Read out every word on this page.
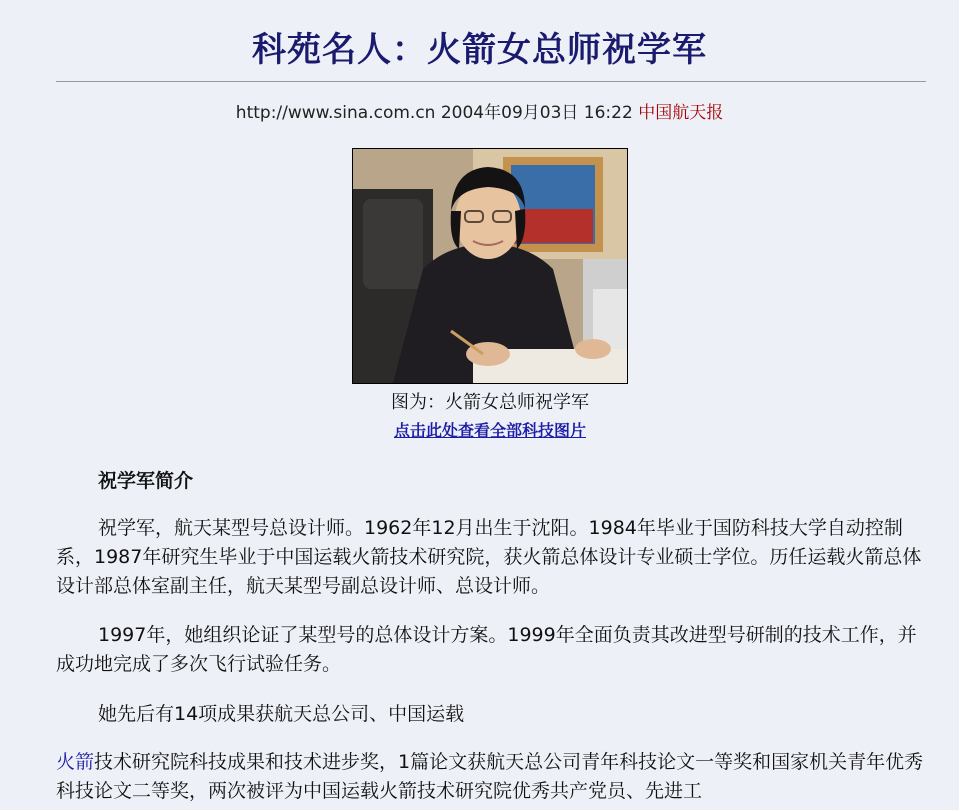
科苑名人：火箭女总师祝学军
http://www.sina.com.cn 2004年09月03日 16:22 中国航天报
图为：火箭女总师祝学军
点击此处查看全部科技图片
祝学军简介

祝学军，航天某型号总设计师。1962年12月出生于沈阳。1984年毕业于国防科技大学自动控制系，1987年研究生毕业于中国运载火箭技术研究院，获火箭总体设计专业硕士学位。历任运载火箭总体设计部总体室副主任，航天某型号副总设计师、总设计师。

1997年，她组织论证了某型号的总体设计方案。1999年全面负责其改进型号研制的技术工作，并成功地完成了多次飞行试验任务。

她先后有14项成果获航天总公司、中国运载

火箭技术研究院科技成果和技术进步奖，1篇论文获航天总公司青年科技论文一等奖和国家机关青年优秀科技论文二等奖，两次被评为中国运载火箭技术研究院优秀共产党员、先进工
